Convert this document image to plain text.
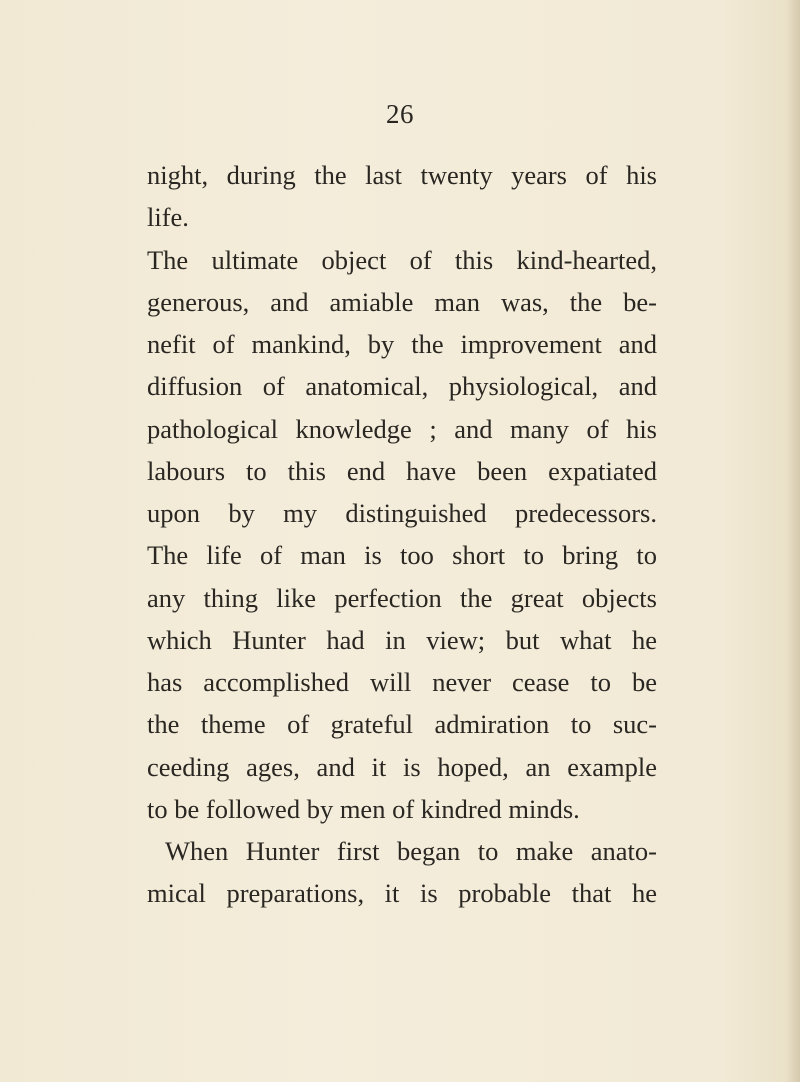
26
night, during the last twenty years of his
life.
The ultimate object of this kind-hearted,
generous, and amiable man was, the be-
nefit of mankind, by the improvement and
diffusion of anatomical, physiological, and
pathological knowledge ; and many of his
labours to this end have been expatiated
upon by my distinguished predecessors.
The life of man is too short to bring to
any thing like perfection the great objects
which Hunter had in view; but what he
has accomplished will never cease to be
the theme of grateful admiration to suc-
ceeding ages, and it is hoped, an example
to be followed by men of kindred minds.
When Hunter first began to make anato-
mical preparations, it is probable that he
